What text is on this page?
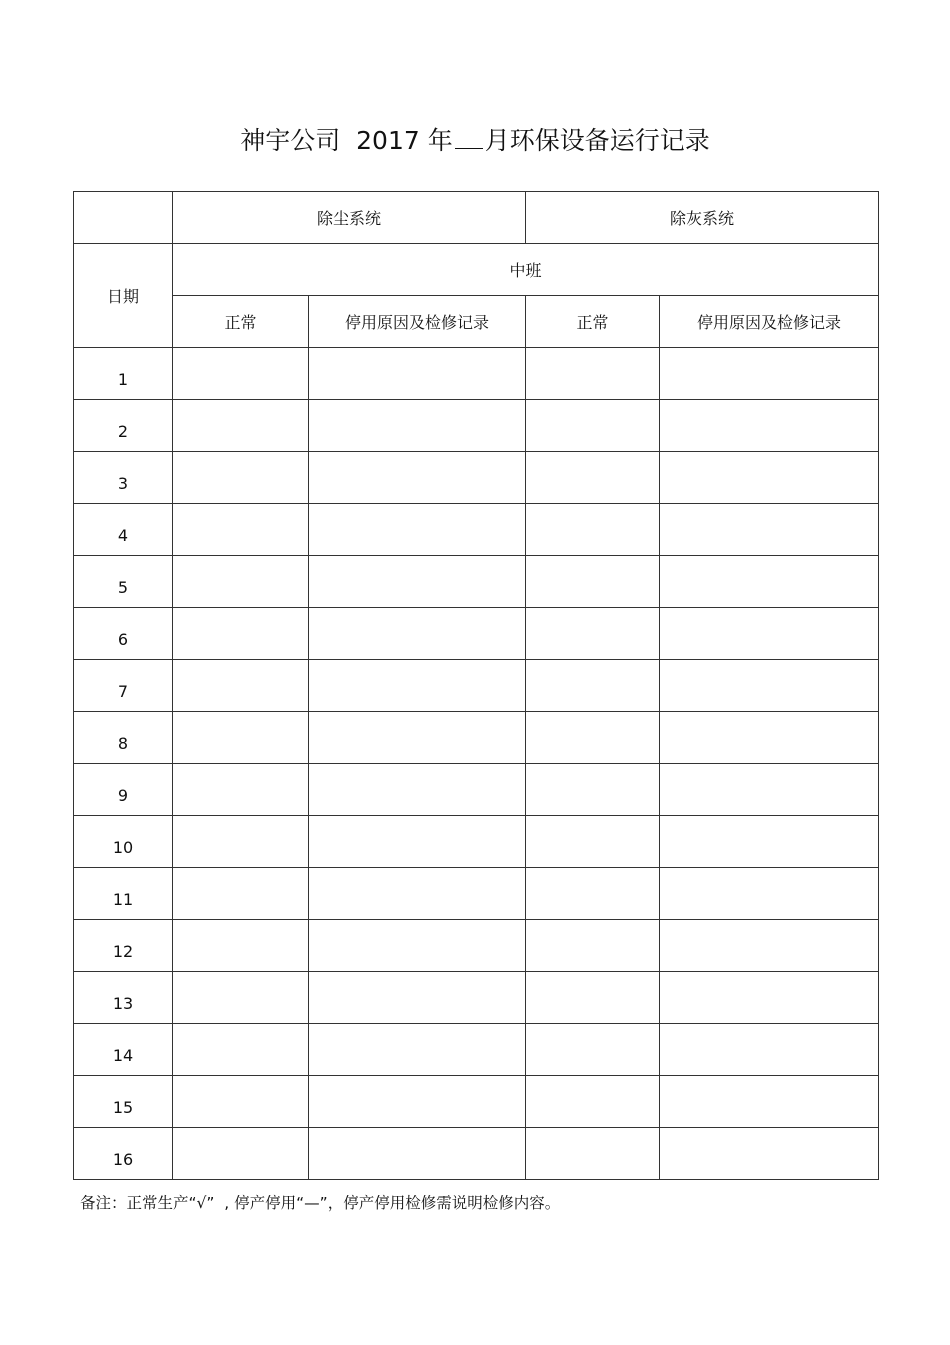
神宇公司  2017 年 月环保设备运行记录
	除尘系统		除灰系统	
日期	中班			
	正常	停用原因及检修记录	正常	停用原因及检修记录
1				
2				
3				
4				
5				
6				
7				
8				
9				
10				
11				
12				
13				
14				
15				
16				
备注：正常生产“√”  , 停产停用“—”，停产停用检修需说明检修内容。
